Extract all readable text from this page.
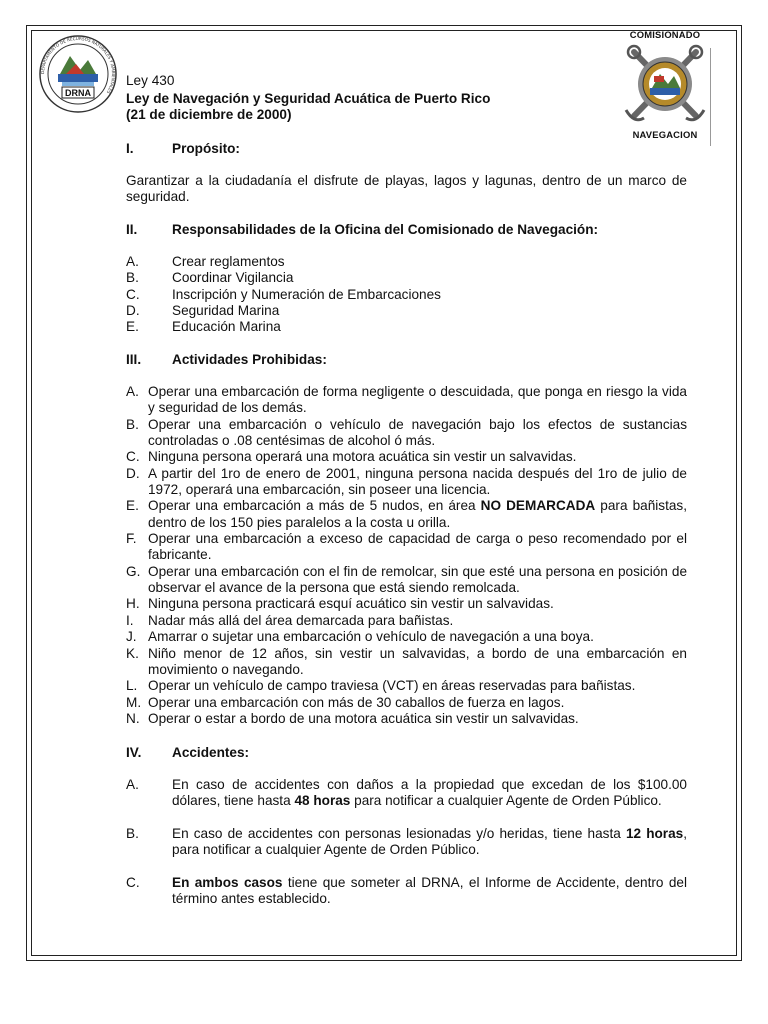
DEPARTAMENTO DE RECURSOS NATURALES Y AMBIENTALES
DRNA
COMISIONADO
NAVEGACION
Ley 430
Ley de Navegación y Seguridad Acuática de Puerto Rico
(21 de diciembre de 2000)
I.	Propósito:
Garantizar a la ciudadanía el disfrute de playas, lagos y lagunas, dentro de un marco de seguridad.
II.	Responsabilidades de la Oficina del Comisionado de Navegación:
A.	Crear reglamentos
B.	Coordinar Vigilancia
C.	Inscripción y Numeración de Embarcaciones
D.	Seguridad Marina
E.	Educación Marina
III. Actividades Prohibidas:
A. Operar una embarcación de forma negligente o descuidada, que ponga en riesgo la vida y seguridad de los demás.
B. Operar una embarcación o vehículo de navegación bajo los efectos de sustancias controladas o .08 centésimas de alcohol ó más.
C. Ninguna persona operará una motora acuática sin vestir un salvavidas.
D. A partir del 1ro de enero de 2001, ninguna persona nacida después del 1ro de julio de 1972, operará una embarcación, sin poseer una licencia.
E. Operar una embarcación a más de 5 nudos, en área NO DEMARCADA para bañistas, dentro de los 150 pies paralelos a la costa u orilla.
F. Operar una embarcación a exceso de capacidad de carga o peso recomendado por el fabricante.
G. Operar una embarcación con el fin de remolcar, sin que esté una persona en posición de observar el avance de la persona que está siendo remolcada.
H. Ninguna persona practicará esquí acuático sin vestir un salvavidas.
I.	Nadar más allá del área demarcada para bañistas.
J. Amarrar o sujetar una embarcación o vehículo de navegación a una boya.
K. Niño menor de 12 años, sin vestir un salvavidas, a bordo de una embarcación en movimiento o navegando.
L. Operar un vehículo de campo traviesa (VCT) en áreas reservadas para bañistas.
M. Operar una embarcación con más de 30 caballos de fuerza en lagos.
N. Operar o estar a bordo de una motora acuática sin vestir un salvavidas.
IV. Accidentes:
A.	En caso de accidentes con daños a la propiedad que excedan de los $100.00 dólares, tiene hasta 48 horas para notificar a cualquier Agente de Orden Público.
B.	En caso de accidentes con personas lesionadas y/o heridas, tiene hasta 12 horas, para notificar a cualquier Agente de Orden Público.
C.	En ambos casos tiene que someter al DRNA, el Informe de Accidente, dentro del término antes establecido.
